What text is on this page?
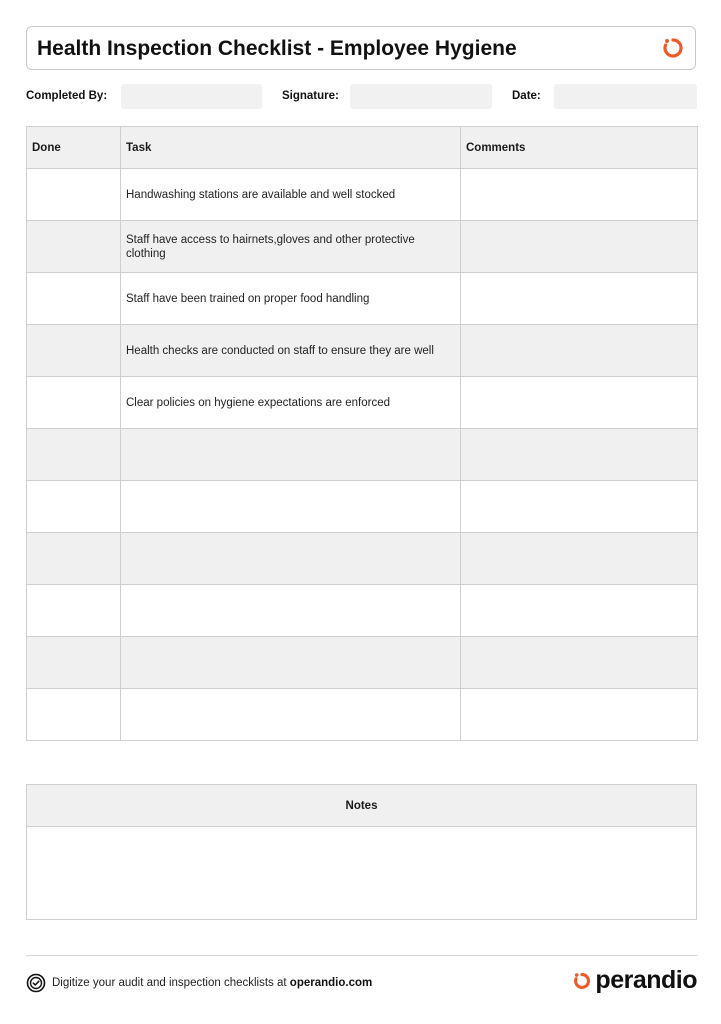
Health Inspection Checklist - Employee Hygiene
Completed By:	Signature:	Date:
Done	Task	Comments
	Handwashing stations are available and well stocked	
	Staff have access to hairnets,gloves and other protective clothing	
	Staff have been trained on proper food handling	
	Health checks are conducted on staff to ensure they are well	
	Clear policies on hygiene expectations are enforced	

Notes
Digitize your audit and inspection checklists at operandio.com	perandio
